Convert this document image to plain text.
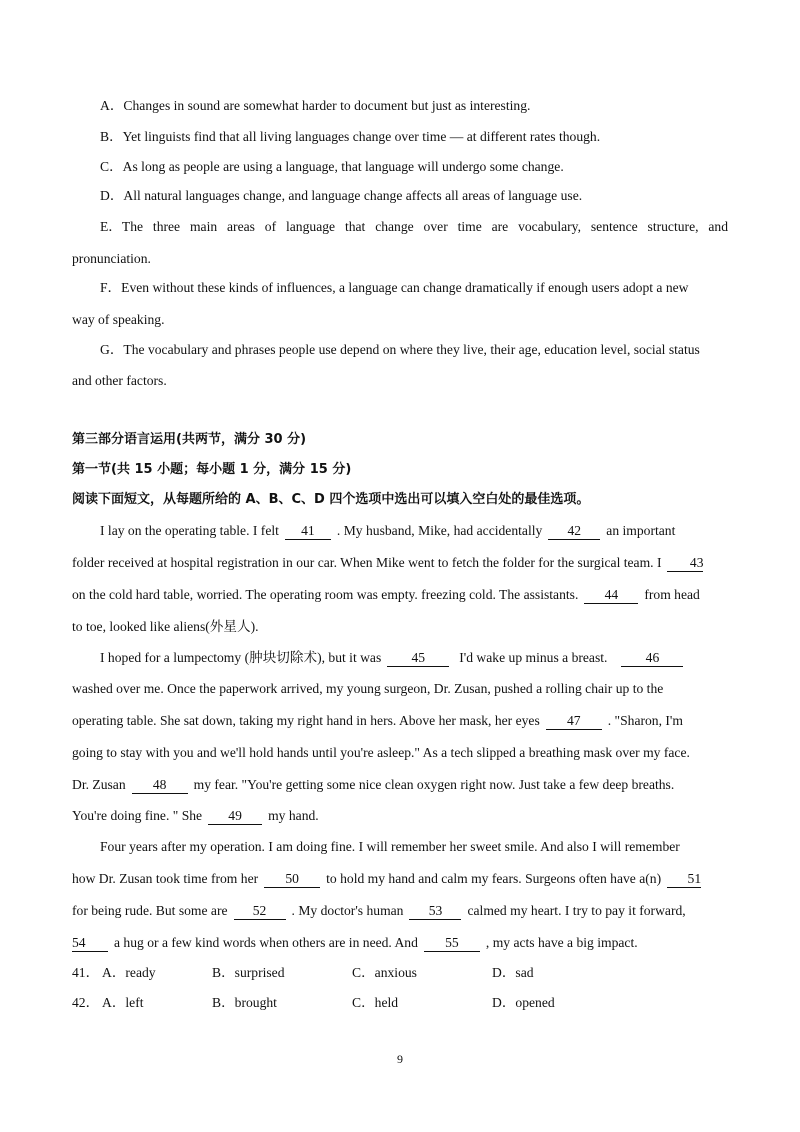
A．Changes in sound are somewhat harder to document but just as interesting.
B．Yet linguists find that all living languages change over time — at different rates though.
C．As long as people are using a language, that language will undergo some change.
D．All natural languages change, and language change affects all areas of language use.
E． The three main areas of language that change over time are vocabulary, sentence structure, and
pronunciation.
F．Even without these kinds of influences, a language can change dramatically if enough users adopt a new
way of speaking.
G．The vocabulary and phrases people use depend on where they live, their age, education level, social status
and other factors.
第三部分语言运用(共两节，满分 30 分)
第一节(共 15 小题；每小题 1 分，满分 15 分)
阅读下面短文，从每题所给的 A、B、C、D 四个选项中选出可以填入空白处的最佳选项。
I lay on the operating table. I felt 41 . My husband, Mike, had accidentally 42 an important
folder received at hospital registration in our car. When Mike went to fetch the folder for the surgical team. I 43
on the cold hard table, worried. The operating room was empty. freezing cold. The assistants. 44 from head
to toe, looked like aliens(外星人).
I hoped for a lumpectomy (肿块切除术), but it was 45	I'd wake up minus a breast.	46
washed over me. Once the paperwork arrived, my young surgeon, Dr. Zusan, pushed a rolling chair up to the
operating table. She sat down, taking my right hand in hers. Above her mask, her eyes 47 . "Sharon, I'm
going to stay with you and we'll hold hands until you're asleep." As a tech slipped a breathing mask over my face.
Dr. Zusan 48 my fear. "You're getting some nice clean oxygen right now. Just take a few deep breaths.
You're doing fine. " She 49 my hand.
Four years after my operation. I am doing fine. I will remember her sweet smile. And also I will remember
how Dr. Zusan took time from her 50 to hold my hand and calm my fears. Surgeons often have a(n) 51
for being rude. But some are 52 . My doctor's human 53 calmed my heart. I try to pay it forward,
54 a hug or a few kind words when others are in need. And 55 , my acts have a big impact.
41． A．ready	B．surprised	C．anxious	D．sad
42． A．left	B．brought	C．held	D．opened
9
